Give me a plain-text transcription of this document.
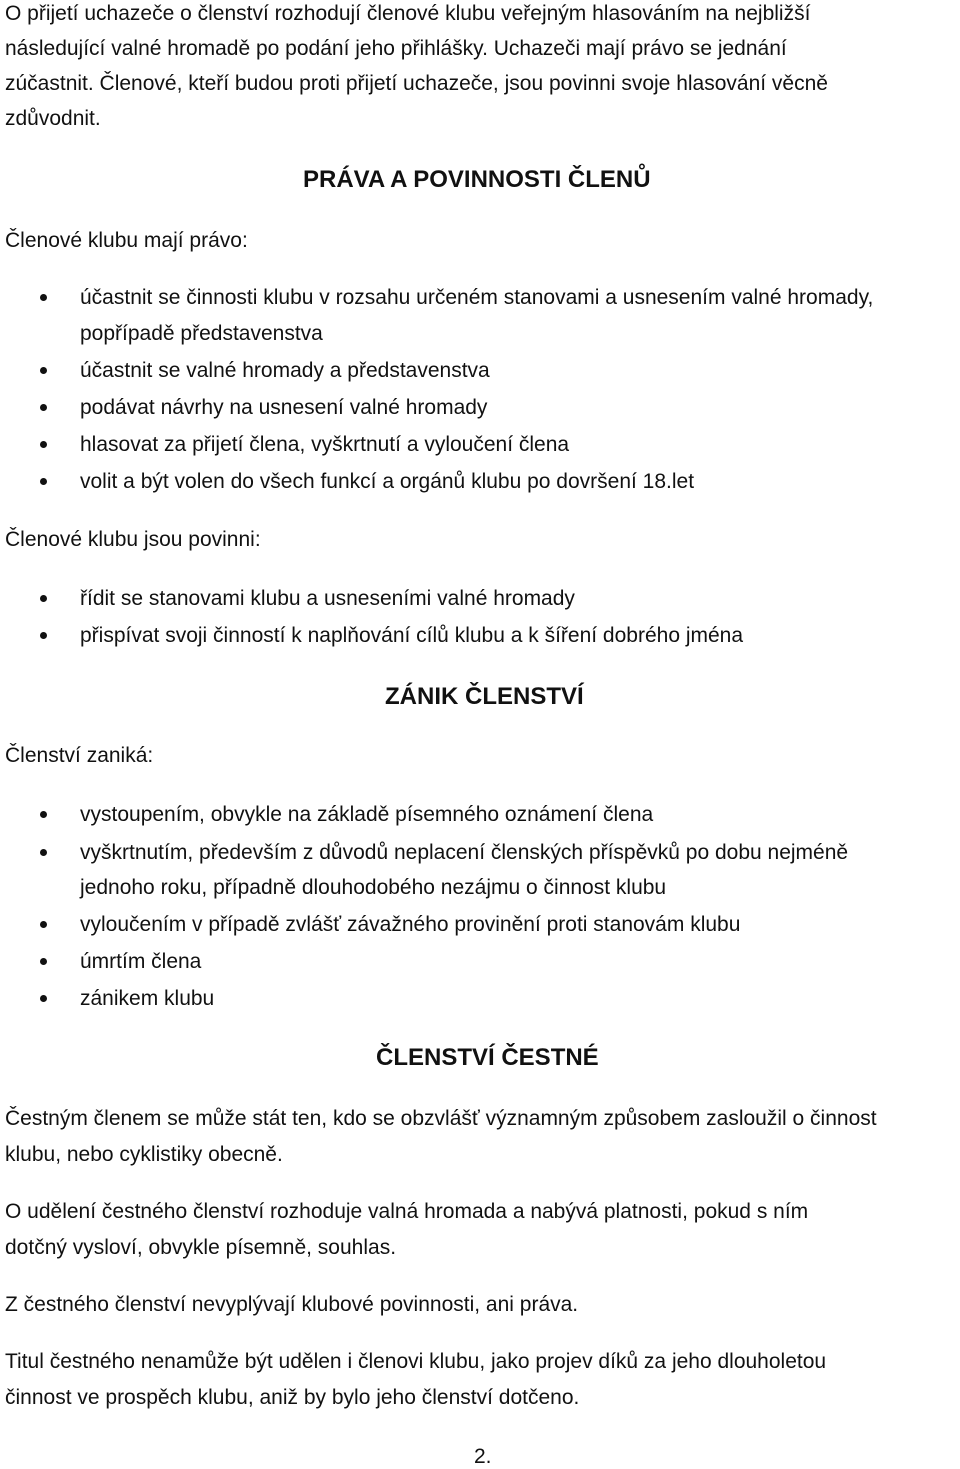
O přijetí uchazeče o členství rozhodují členové klubu veřejným hlasováním na nejbližší

následující valné hromadě po podání jeho přihlášky. Uchazeči mají právo se jednání

zúčastnit. Členové, kteří budou proti přijetí uchazeče, jsou povinni svoje hlasování věcně

zdůvodnit.

PRÁVA A POVINNOSTI ČLENŮ

Členové klubu mají právo:

účastnit se činnosti klubu v rozsahu určeném stanovami a usnesením valné hromady,

popřípadě představenstva

účastnit se valné hromady a představenstva

podávat návrhy na usnesení valné hromady

hlasovat za přijetí člena, vyškrtnutí a vyloučení člena

volit a být volen do všech funkcí a orgánů klubu po dovršení 18.let

Členové klubu jsou povinni:

řídit se stanovami klubu a usneseními valné hromady

přispívat svoji činností k naplňování cílů klubu a k šíření dobrého jména

ZÁNIK ČLENSTVÍ

Členství zaniká:

vystoupením, obvykle na základě písemného oznámení člena

vyškrtnutím, především z důvodů neplacení členských příspěvků po dobu nejméně

jednoho roku, případně dlouhodobého nezájmu o činnost klubu

vyloučením v případě zvlášť závažného provinění proti stanovám klubu

úmrtím člena

zánikem klubu

ČLENSTVÍ ČESTNÉ

Čestným členem se může stát ten, kdo se obzvlášť významným způsobem zasloužil o činnost

klubu, nebo cyklistiky obecně.

O udělení čestného členství rozhoduje valná hromada a nabývá platnosti, pokud s ním

dotčný vysloví, obvykle písemně, souhlas.

Z čestného členství nevyplývají klubové povinnosti, ani práva.

Titul čestného nenamůže být udělen i členovi klubu, jako projev díků za jeho dlouholetou

činnost ve prospěch klubu, aniž by bylo jeho členství dotčeno.

2.
